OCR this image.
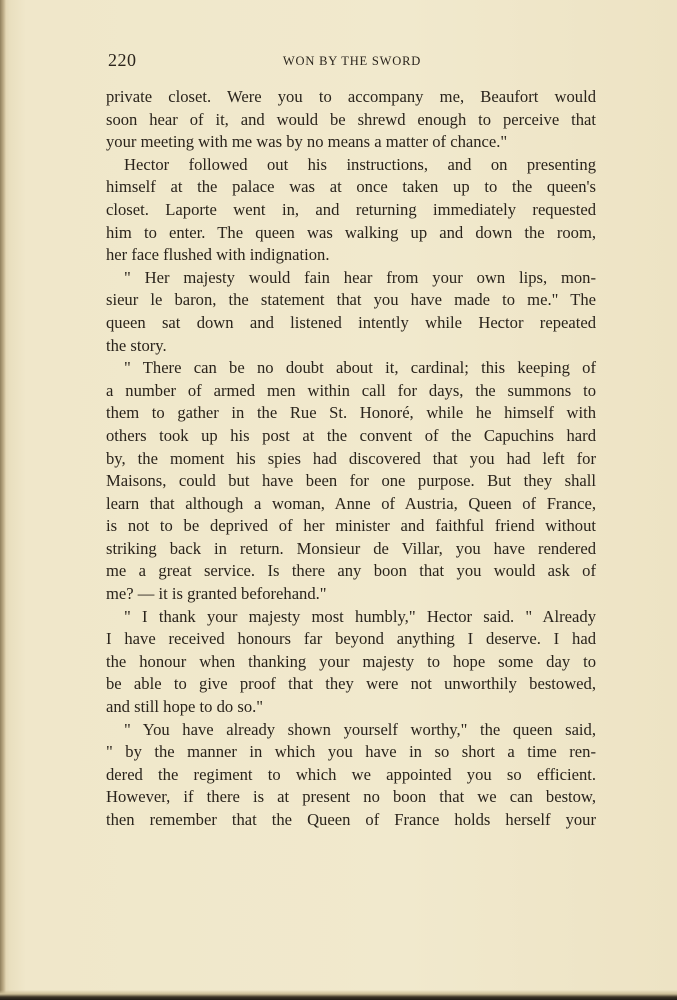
220	WON BY THE SWORD
private closet. Were you to accompany me, Beaufort would
soon hear of it, and would be shrewd enough to perceive that
your meeting with me was by no means a matter of chance."
Hector followed out his instructions, and on presenting
himself at the palace was at once taken up to the queen's
closet. Laporte went in, and returning immediately requested
him to enter. The queen was walking up and down the room,
her face flushed with indignation.
" Her majesty would fain hear from your own lips, mon-
sieur le baron, the statement that you have made to me." The
queen sat down and listened intently while Hector repeated
the story.
" There can be no doubt about it, cardinal; this keeping of
a number of armed men within call for days, the summons to
them to gather in the Rue St. Honoré, while he himself with
others took up his post at the convent of the Capuchins hard
by, the moment his spies had discovered that you had left for
Maisons, could but have been for one purpose. But they shall
learn that although a woman, Anne of Austria, Queen of France,
is not to be deprived of her minister and faithful friend without
striking back in return. Monsieur de Villar, you have rendered
me a great service. Is there any boon that you would ask of
me? — it is granted beforehand."
" I thank your majesty most humbly," Hector said. " Already
I have received honours far beyond anything I deserve. I had
the honour when thanking your majesty to hope some day to
be able to give proof that they were not unworthily bestowed,
and still hope to do so."
" You have already shown yourself worthy," the queen said,
" by the manner in which you have in so short a time ren-
dered the regiment to which we appointed you so efficient.
However, if there is at present no boon that we can bestow,
then remember that the Queen of France holds herself your
